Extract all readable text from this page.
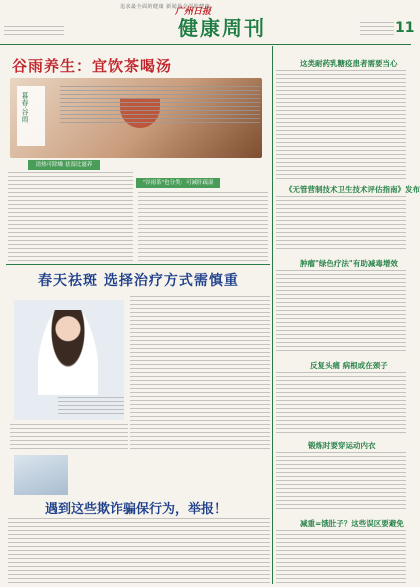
追求最全面的健康 新闻最全面的健康
广州日报
健康周刊	11
谷雨养生：宜饮茶喝汤
暮春·谷雨
清热可除燥 祛湿比滋养
"谷雨茶"也分类：可减肝疏湿
这类耐药乳糖疫患者需要当心
《无管营制技术卫生技术评估指南》发布
肿瘤"绿色疗法"有助减毒增效
反复头痛 病根或在颈子
锻炼时要穿运动内衣
减重=饿肚子？这些误区要避免
春天祛斑 选择治疗方式需慎重
遇到这些欺诈骗保行为，举报！
